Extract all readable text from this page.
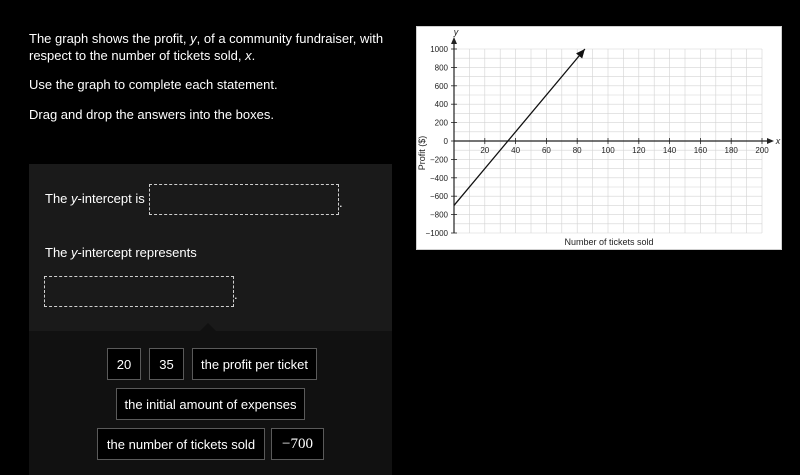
The graph shows the profit, y, of a community fundraiser, with respect to the number of tickets sold, x.

Use the graph to complete each statement.

Drag and drop the answers into the boxes.

The y-intercept is	.
The y-intercept represents
.
20	35	the profit per ticket
the initial amount of expenses
the number of tickets sold	−700
20	40	60	80 100 120 140 160 180 200
1000
800
600
400
200
0
−200
−400
−600
−800
−1000
Number of tickets sold
Profit ($)
y
x
